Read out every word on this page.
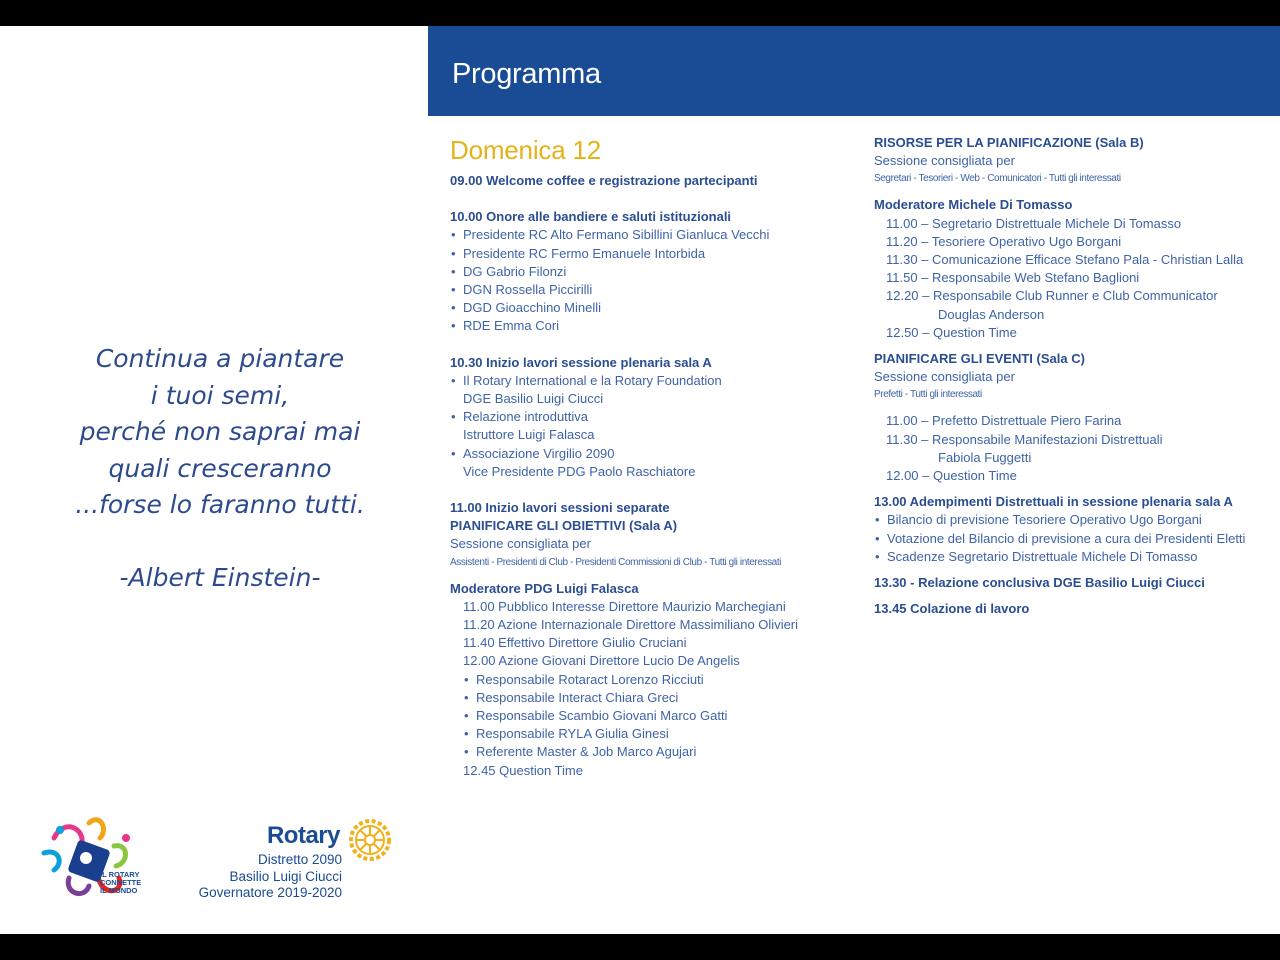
Programma
Continua a piantare
i tuoi semi,
perché non saprai mai
quali cresceranno
...forse lo faranno tutti.
-Albert Einstein-
Domenica 12
09.00 Welcome coffee e registrazione partecipanti
10.00 Onore alle bandiere e saluti istituzionali
• Presidente RC Alto Fermano Sibillini Gianluca Vecchi
• Presidente RC Fermo Emanuele Intorbida
• DG Gabrio Filonzi
• DGN Rossella Piccirilli
• DGD Gioacchino Minelli
• RDE Emma Cori
10.30 Inizio lavori sessione plenaria sala A
• Il Rotary International e la Rotary Foundation
DGE Basilio Luigi Ciucci
• Relazione introduttiva
Istruttore Luigi Falasca
• Associazione Virgilio 2090
Vice Presidente PDG Paolo Raschiatore
11.00 Inizio lavori sessioni separate
PIANIFICARE GLI OBIETTIVI (Sala A)
Sessione consigliata per
Assistenti - Presidenti di Club - Presidenti Commissioni di Club - Tutti gli interessati
Moderatore PDG Luigi Falasca
11.00 Pubblico Interesse Direttore Maurizio Marchegiani
11.20 Azione Internazionale Direttore Massimiliano Olivieri
11.40 Effettivo Direttore Giulio Cruciani
12.00 Azione Giovani Direttore Lucio De Angelis
• Responsabile Rotaract Lorenzo Ricciuti
• Responsabile Interact Chiara Greci
• Responsabile Scambio Giovani Marco Gatti
• Responsabile RYLA Giulia Ginesi
• Referente Master & Job Marco Agujari
12.45 Question Time
RISORSE PER LA PIANIFICAZIONE (Sala B)
Sessione consigliata per
Segretari - Tesorieri - Web - Comunicatori - Tutti gli interessati
Moderatore Michele Di Tomasso
11.00 – Segretario Distrettuale Michele Di Tomasso
11.20 – Tesoriere Operativo Ugo Borgani
11.30 – Comunicazione Efficace Stefano Pala - Christian Lalla
11.50 – Responsabile Web Stefano Baglioni
12.20 – Responsabile Club Runner e Club Communicator
Douglas Anderson
12.50 – Question Time
PIANIFICARE GLI EVENTI (Sala C)
Sessione consigliata per
Prefetti - Tutti gli interessati
11.00 – Prefetto Distrettuale Piero Farina
11.30 – Responsabile Manifestazioni Distrettuali
Fabiola Fuggetti
12.00 – Question Time
13.00 Adempimenti Distrettuali in sessione plenaria sala A
• Bilancio di previsione Tesoriere Operativo Ugo Borgani
• Votazione del Bilancio di previsione a cura dei Presidenti Eletti
• Scadenze Segretario Distrettuale Michele Di Tomasso
13.30 - Relazione conclusiva DGE Basilio Luigi Ciucci
13.45 Colazione di lavoro
IL ROTARY
CONNETTE
IL MONDO
Rotary
Distretto 2090
Basilio Luigi Ciucci
Governatore 2019-2020
